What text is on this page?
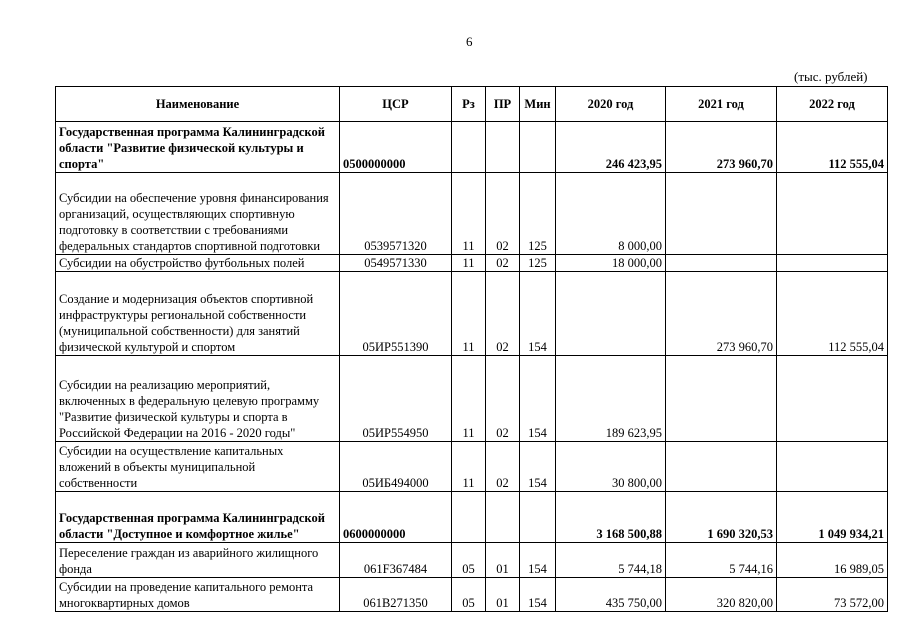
6
(тыс. рублей)
Наименование	ЦСР	Рз	ПР	Мин	2020 год	2021 год	2022 год
Государственная программа Калининградской области "Развитие физической культуры и спорта"	0500000000				246 423,95	273 960,70	112 555,04
Субсидии на обеспечение уровня финансирования организаций, осуществляющих спортивную подготовку в соответствии с требованиями федеральных стандартов спортивной подготовки	0539571320	11	02	125	8 000,00		
Субсидии на обустройство футбольных полей	0549571330	11	02	125	18 000,00		
Создание и модернизация объектов спортивной инфраструктуры региональной собственности (муниципальной собственности) для занятий физической культурой и спортом	05ИР551390	11	02	154		273 960,70	112 555,04
Субсидии на реализацию мероприятий, включенных в федеральную целевую программу "Развитие физической культуры и спорта в Российской Федерации на 2016 - 2020 годы"	05ИР554950	11	02	154	189 623,95		
Субсидии на осуществление капитальных вложений в объекты муниципальной собственности	05ИБ494000	11	02	154	30 800,00		
Государственная программа Калининградской области "Доступное и комфортное жилье"	0600000000				3 168 500,88	1 690 320,53	1 049 934,21
Переселение граждан из аварийного жилищного фонда	061F367484	05	01	154	5 744,18	5 744,16	16 989,05
Субсидии на проведение капитального ремонта многоквартирных домов	061B271350	05	01	154	435 750,00	320 820,00	73 572,00
